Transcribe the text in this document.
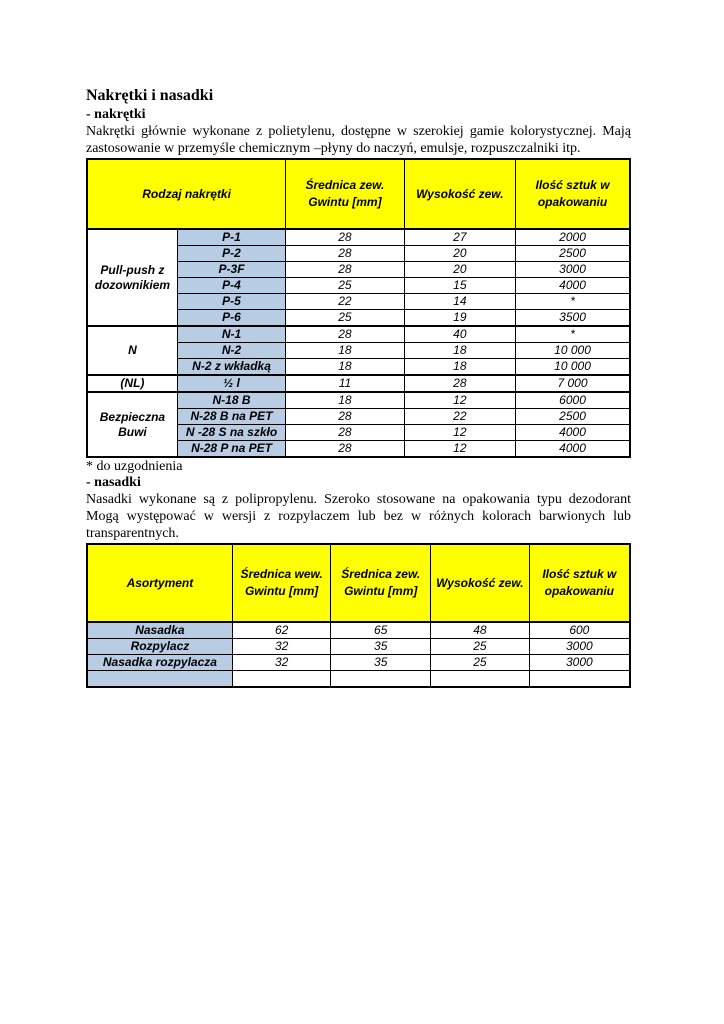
Nakrętki i nasadki

- nakrętki

Nakrętki głównie wykonane z polietylenu, dostępne w szerokiej gamie kolorystycznej. Mają zastosowanie w przemyśle chemicznym –płyny do naczyń, emulsje, rozpuszczalniki itp.

Rodzaj nakrętki		Średnica zew. Gwintu [mm]	Wysokość zew.	Ilość sztuk w opakowaniu
Pull-push z dozownikiem	P-1	28	27	2000
	P-2	28	20	2500
	P-3F	28	20	3000
	P-4	25	15	4000
	P-5	22	14	*
	P-6	25	19	3500
N	N-1	28	40	*
	N-2	18	18	10 000
	N-2 z wkładką	18	18	10 000
(NL)	½ l	11	28	7 000
Bezpieczna Buwi	N-18 B	18	12	6000
	N-28 B na PET	28	22	2500
	N -28 S na szkło	28	12	4000
	N-28 P na PET	28	12	4000

* do uzgodnienia

- nasadki

Nasadki wykonane są z polipropylenu. Szeroko stosowane na opakowania typu dezodorant Mogą występować w wersji z rozpylaczem lub bez w różnych kolorach barwionych lub transparentnych.

Asortyment	Średnica wew. Gwintu [mm]	Średnica zew. Gwintu [mm]	Wysokość zew.	Ilość sztuk w opakowaniu
Nasadka	62	65	48	600
Rozpylacz	32	35	25	3000
Nasadka rozpylacza	32	35	25	3000
